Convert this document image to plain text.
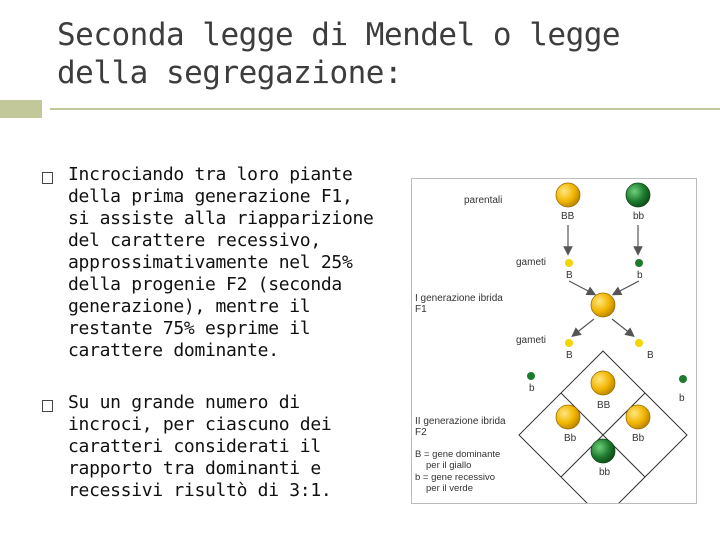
Seconda legge di Mendel o legge
della segregazione:
Incrociando tra loro piante della prima generazione F1, si assiste alla riapparizione del carattere recessivo, approssimativamente nel 25% della progenie F2 (seconda generazione), mentre il restante 75% esprime il carattere dominante.
Su un grande numero di incroci, per ciascuno dei caratteri considerati il rapporto tra dominanti e recessivi risultò di 3:1.
parentali
BB	bb
gameti
B	b
I generazione ibrida
F1
gameti
B	B
b
b
BB
Bb	Bb
bb
II generazione ibrida
F2
B = gene dominante
per il giallo
b = gene recessivo
per il verde
